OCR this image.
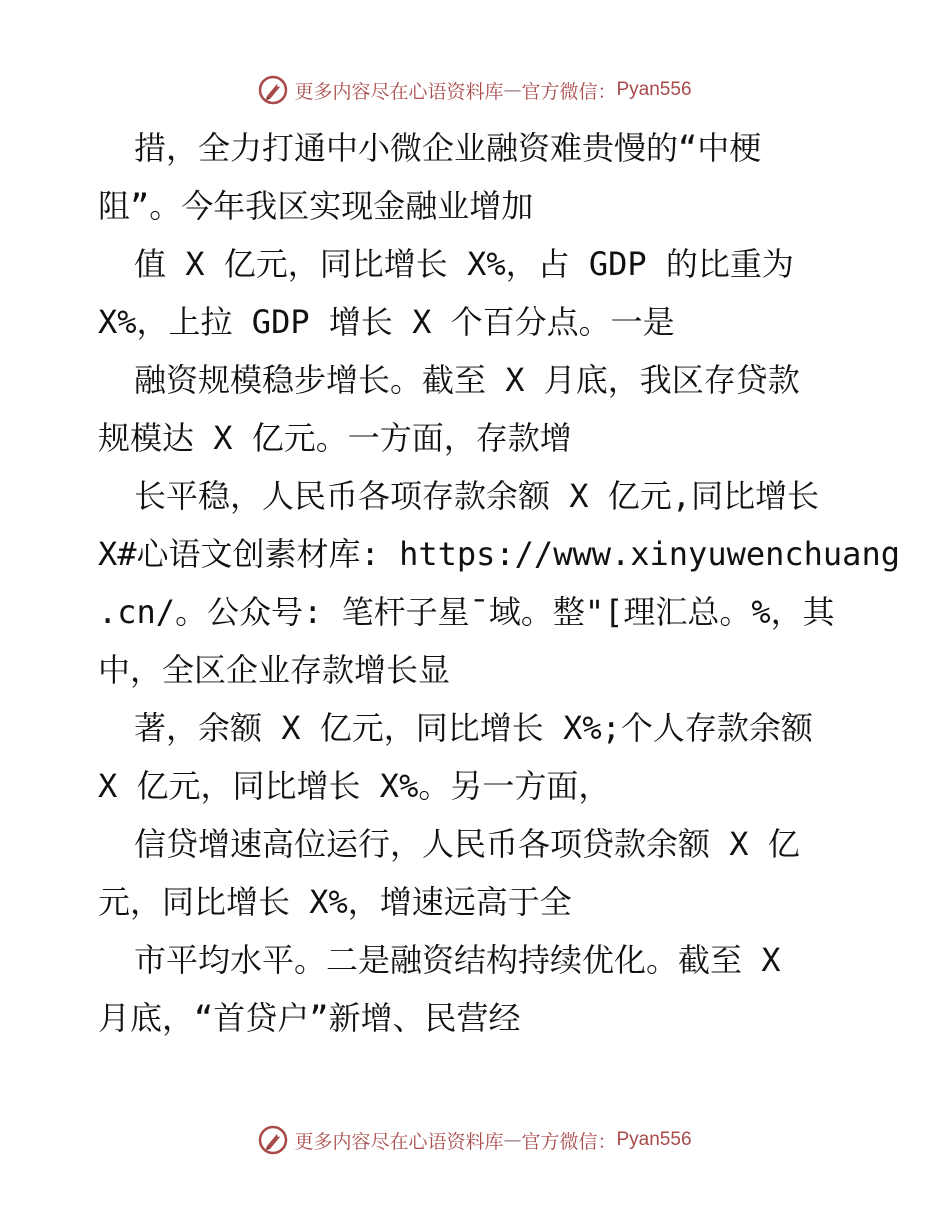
更多内容尽在心语资料库 — 官方微信： Pyan556
措，全力打通中小微企业融资难贵慢的“中梗
阻”。今年我区实现金融业增加
值 X 亿元，同比增长 X%，占 GDP 的比重为
X%，上拉 GDP 增长 X 个百分点。一是
融资规模稳步增长。截至 X 月底，我区存贷款
规模达 X 亿元。一方面，存款增
长平稳，人民币各项存款余额 X 亿元,同比增长
X#心语文创素材库: https://www.xinyuwenchuang
.cn/。公众号: 笔杆子星¯域。整"[理汇总。%，其
中，全区企业存款增长显
著，余额 X 亿元，同比增长 X%;个人存款余额
X 亿元，同比增长 X%。另一方面，
信贷增速高位运行，人民币各项贷款余额 X 亿
元，同比增长 X%，增速远高于全
市平均水平。二是融资结构持续优化。截至 X
月底，“首贷户”新增、民营经
更多内容尽在心语资料库 — 官方微信： Pyan556
